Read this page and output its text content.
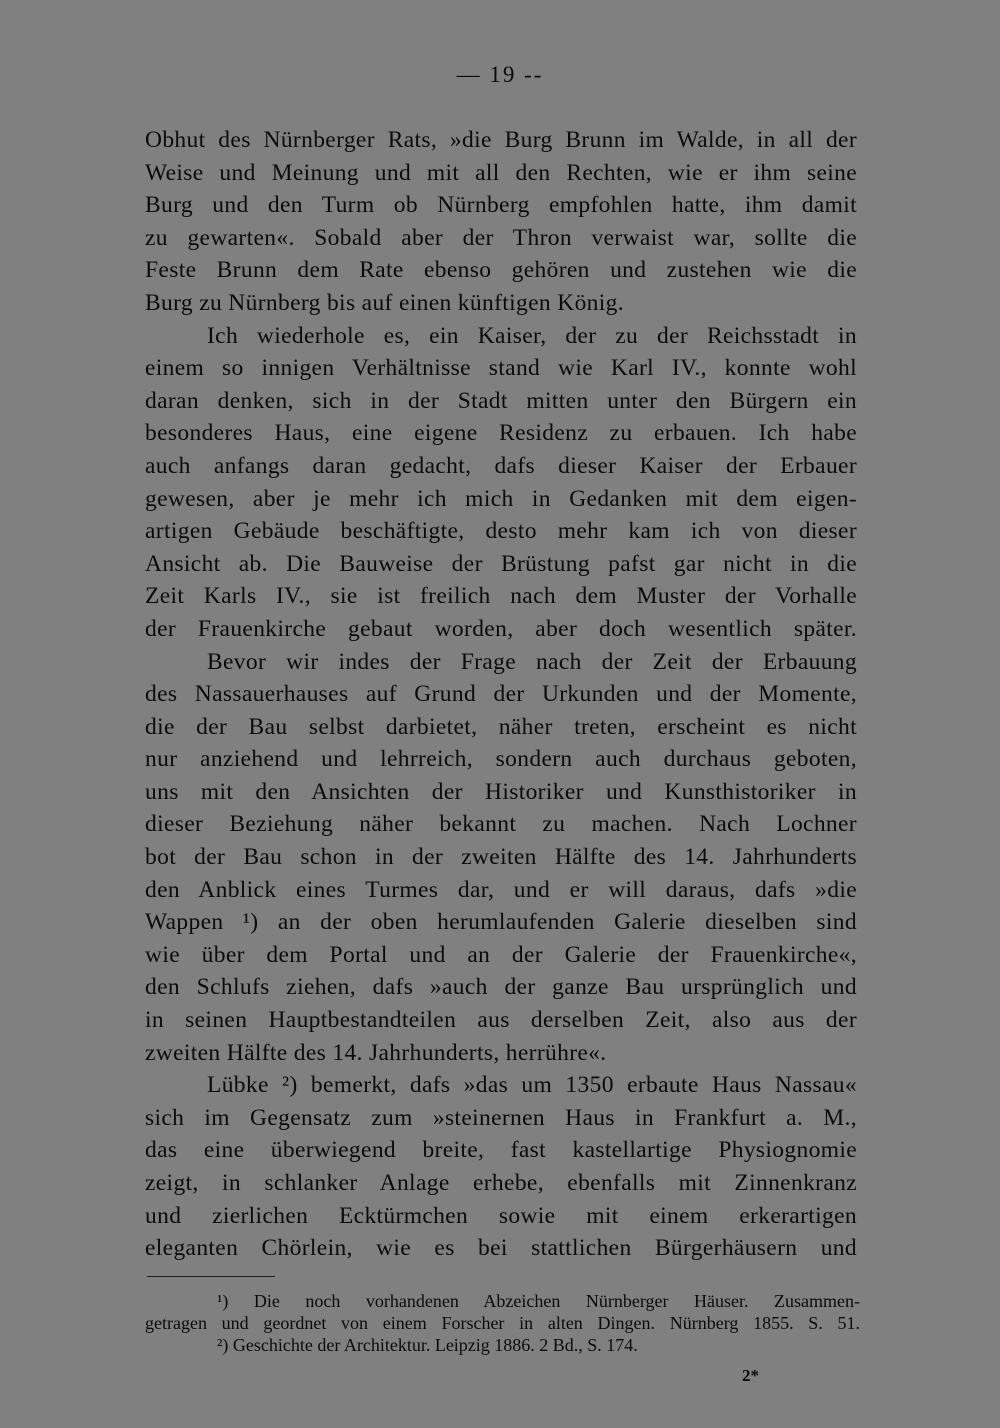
— 19 --
Obhut des Nürnberger Rats, »die Burg Brunn im Walde, in all der
Weise und Meinung und mit all den Rechten, wie er ihm seine
Burg und den Turm ob Nürnberg empfohlen hatte, ihm damit
zu gewarten«. Sobald aber der Thron verwaist war, sollte die
Feste Brunn dem Rate ebenso gehören und zustehen wie die
Burg zu Nürnberg bis auf einen künftigen König.
Ich wiederhole es, ein Kaiser, der zu der Reichsstadt in
einem so innigen Verhältnisse stand wie Karl IV., konnte wohl
daran denken, sich in der Stadt mitten unter den Bürgern ein
besonderes Haus, eine eigene Residenz zu erbauen. Ich habe
auch anfangs daran gedacht, dafs dieser Kaiser der Erbauer
gewesen, aber je mehr ich mich in Gedanken mit dem eigen-
artigen Gebäude beschäftigte, desto mehr kam ich von dieser
Ansicht ab. Die Bauweise der Brüstung pafst gar nicht in die
Zeit Karls IV., sie ist freilich nach dem Muster der Vorhalle
der Frauenkirche gebaut worden, aber doch wesentlich später.
Bevor wir indes der Frage nach der Zeit der Erbauung
des Nassauerhauses auf Grund der Urkunden und der Momente,
die der Bau selbst darbietet, näher treten, erscheint es nicht
nur anziehend und lehrreich, sondern auch durchaus geboten,
uns mit den Ansichten der Historiker und Kunsthistoriker in
dieser Beziehung näher bekannt zu machen. Nach Lochner
bot der Bau schon in der zweiten Hälfte des 14. Jahrhunderts
den Anblick eines Turmes dar, und er will daraus, dafs »die
Wappen ¹) an der oben herumlaufenden Galerie dieselben sind
wie über dem Portal und an der Galerie der Frauenkirche«,
den Schlufs ziehen, dafs »auch der ganze Bau ursprünglich und
in seinen Hauptbestandteilen aus derselben Zeit, also aus der
zweiten Hälfte des 14. Jahrhunderts, herrühre«.
Lübke ²) bemerkt, dafs »das um 1350 erbaute Haus Nassau«
sich im Gegensatz zum »steinernen Haus in Frankfurt a. M.,
das eine überwiegend breite, fast kastellartige Physiognomie
zeigt, in schlanker Anlage erhebe, ebenfalls mit Zinnenkranz
und zierlichen Ecktürmchen sowie mit einem erkerartigen
eleganten Chörlein, wie es bei stattlichen Bürgerhäusern und
¹) Die noch vorhandenen Abzeichen Nürnberger Häuser. Zusammen-
getragen und geordnet von einem Forscher in alten Dingen. Nürnberg 1855. S. 51.
²) Geschichte der Architektur. Leipzig 1886. 2 Bd., S. 174.
2*
